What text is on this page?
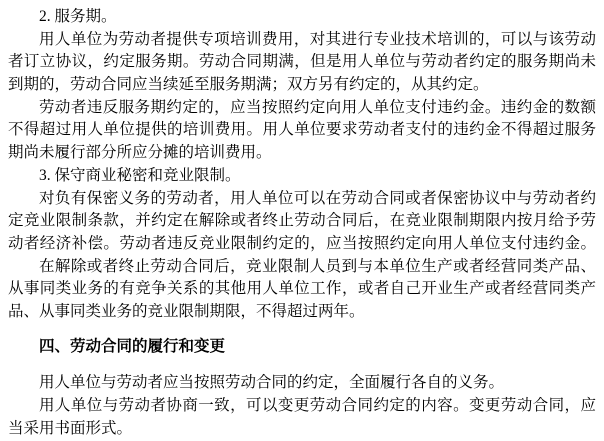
2. 服务期。
用人单位为劳动者提供专项培训费用，对其进行专业技术培训的，可以与该劳动
者订立协议，约定服务期。劳动合同期满，但是用人单位与劳动者约定的服务期尚未
到期的，劳动合同应当续延至服务期满；双方另有约定的，从其约定。
劳动者违反服务期约定的，应当按照约定向用人单位支付违约金。违约金的数额
不得超过用人单位提供的培训费用。用人单位要求劳动者支付的违约金不得超过服务
期尚未履行部分所应分摊的培训费用。
3. 保守商业秘密和竞业限制。
对负有保密义务的劳动者，用人单位可以在劳动合同或者保密协议中与劳动者约
定竞业限制条款，并约定在解除或者终止劳动合同后，在竞业限制期限内按月给予劳
动者经济补偿。劳动者违反竞业限制约定的，应当按照约定向用人单位支付违约金。
在解除或者终止劳动合同后，竞业限制人员到与本单位生产或者经营同类产品、
从事同类业务的有竞争关系的其他用人单位工作，或者自己开业生产或者经营同类产
品、从事同类业务的竞业限制期限，不得超过两年。
四、劳动合同的履行和变更
用人单位与劳动者应当按照劳动合同的约定，全面履行各自的义务。
用人单位与劳动者协商一致，可以变更劳动合同约定的内容。变更劳动合同，应
当采用书面形式。
